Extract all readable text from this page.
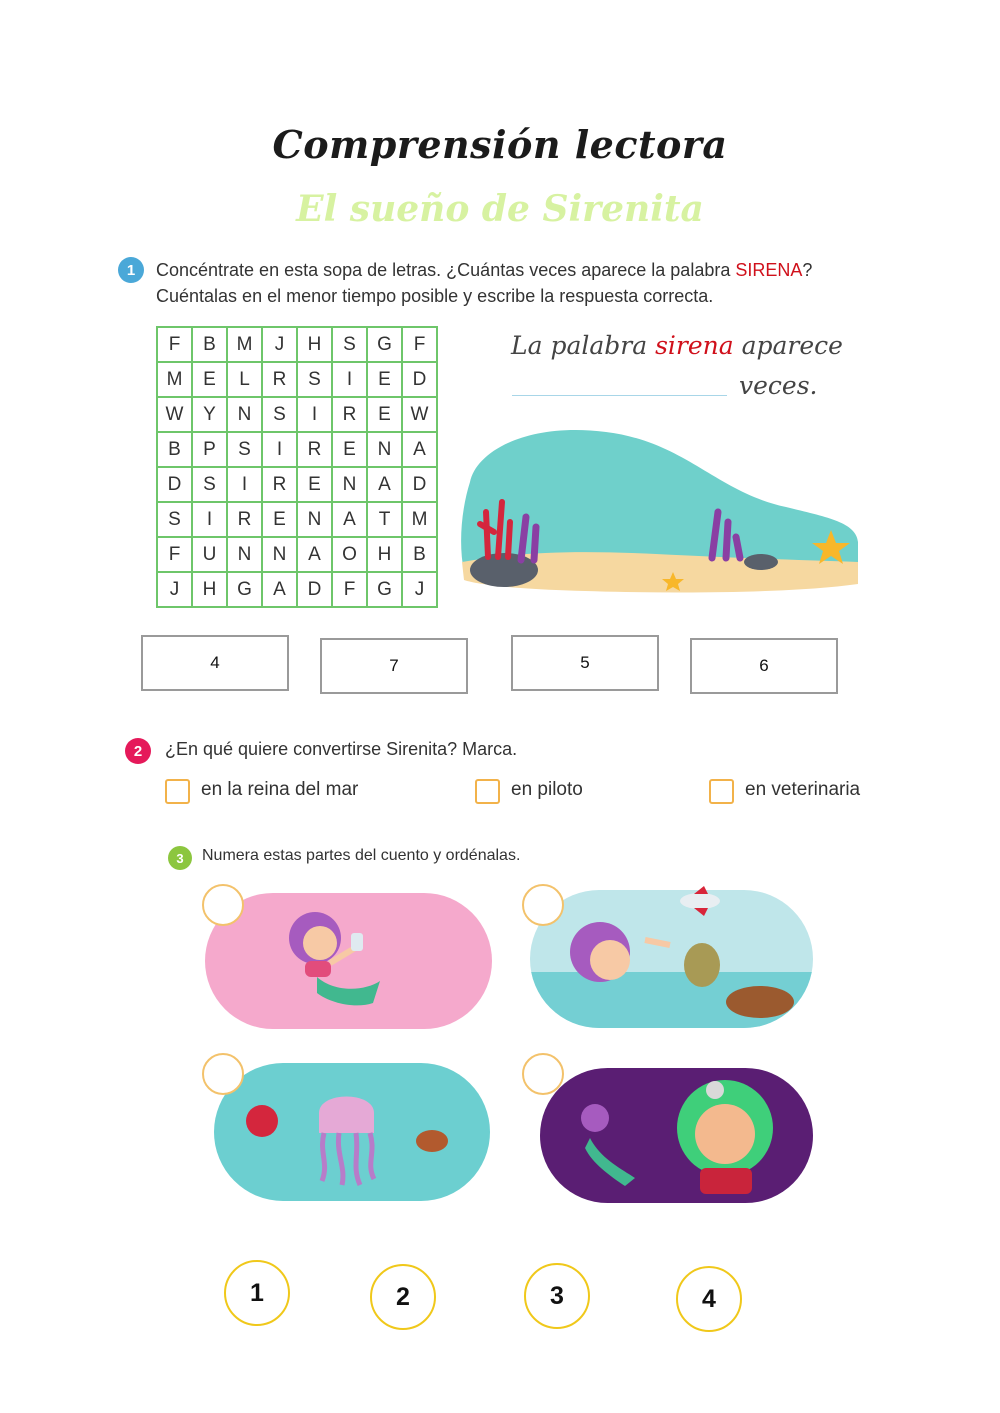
Comprensión lectora
El sueño de Sirenita
1	Concéntrate en esta sopa de letras. ¿Cuántas veces aparece la palabra SIRENA?
Cuéntalas en el menor tiempo posible y escribe la respuesta correcta.
F	B	M	J	H	S	G	F
M	E	L	R	S	I	E	D
W	Y	N	S	I	R	E	W
B	P	S	I	R	E	N	A
D	S	I	R	E	N	A	D
S	I	R	E	N	A	T	M
F	U	N	N	A	O	H	B
J	H	G	A	D	F	G	J
La palabra sirena aparece
veces.
4	7	5	6
2	¿En qué quiere convertirse Sirenita? Marca.
en la reina del mar	en piloto	en veterinaria
3	Numera estas partes del cuento y ordénalas.
1	2	3	4
